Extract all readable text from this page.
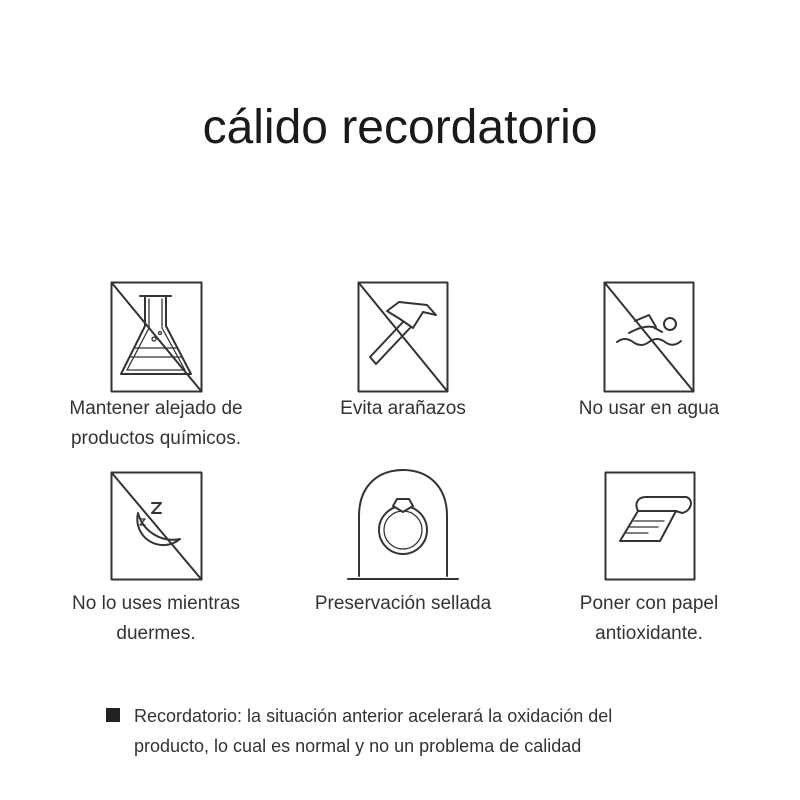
cálido recordatorio
Mantener alejado de
productos químicos.
Evita arañazos	No usar en agua
No lo uses mientras
duermes.
Preservación sellada	Poner con papel
antioxidante.
Recordatorio: la situación anterior acelerará la oxidación del
producto, lo cual es normal y no un problema de calidad
